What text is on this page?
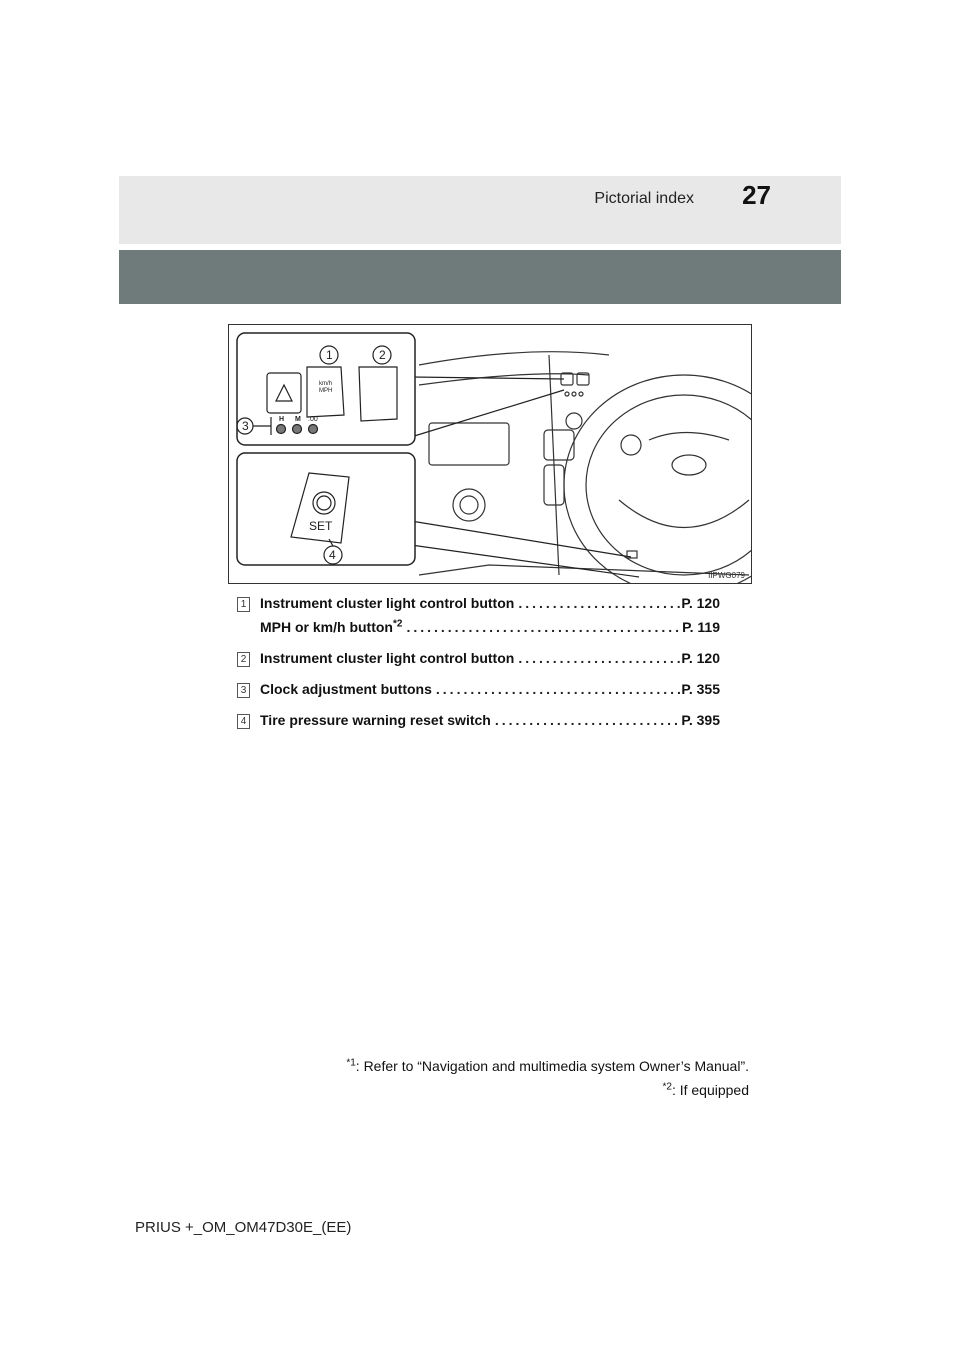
Pictorial index 27
1	2
3
km/h
MPH
H M :00
SET
4
IIPWG079
1 Instrument cluster light control button .....	P. 120
MPH or km/h button$^{*2}$ .....	P. 119
2 Instrument cluster light control button .....	P. 120
3 Clock adjustment buttons .....	P. 355
4 Tire pressure warning reset switch .....	P. 395
$^{*1}$: Refer to “Navigation and multimedia system Owner’s Manual”.
$^{*2}$: If equipped
PRIUS +_OM_OM47D30E_(EE)
